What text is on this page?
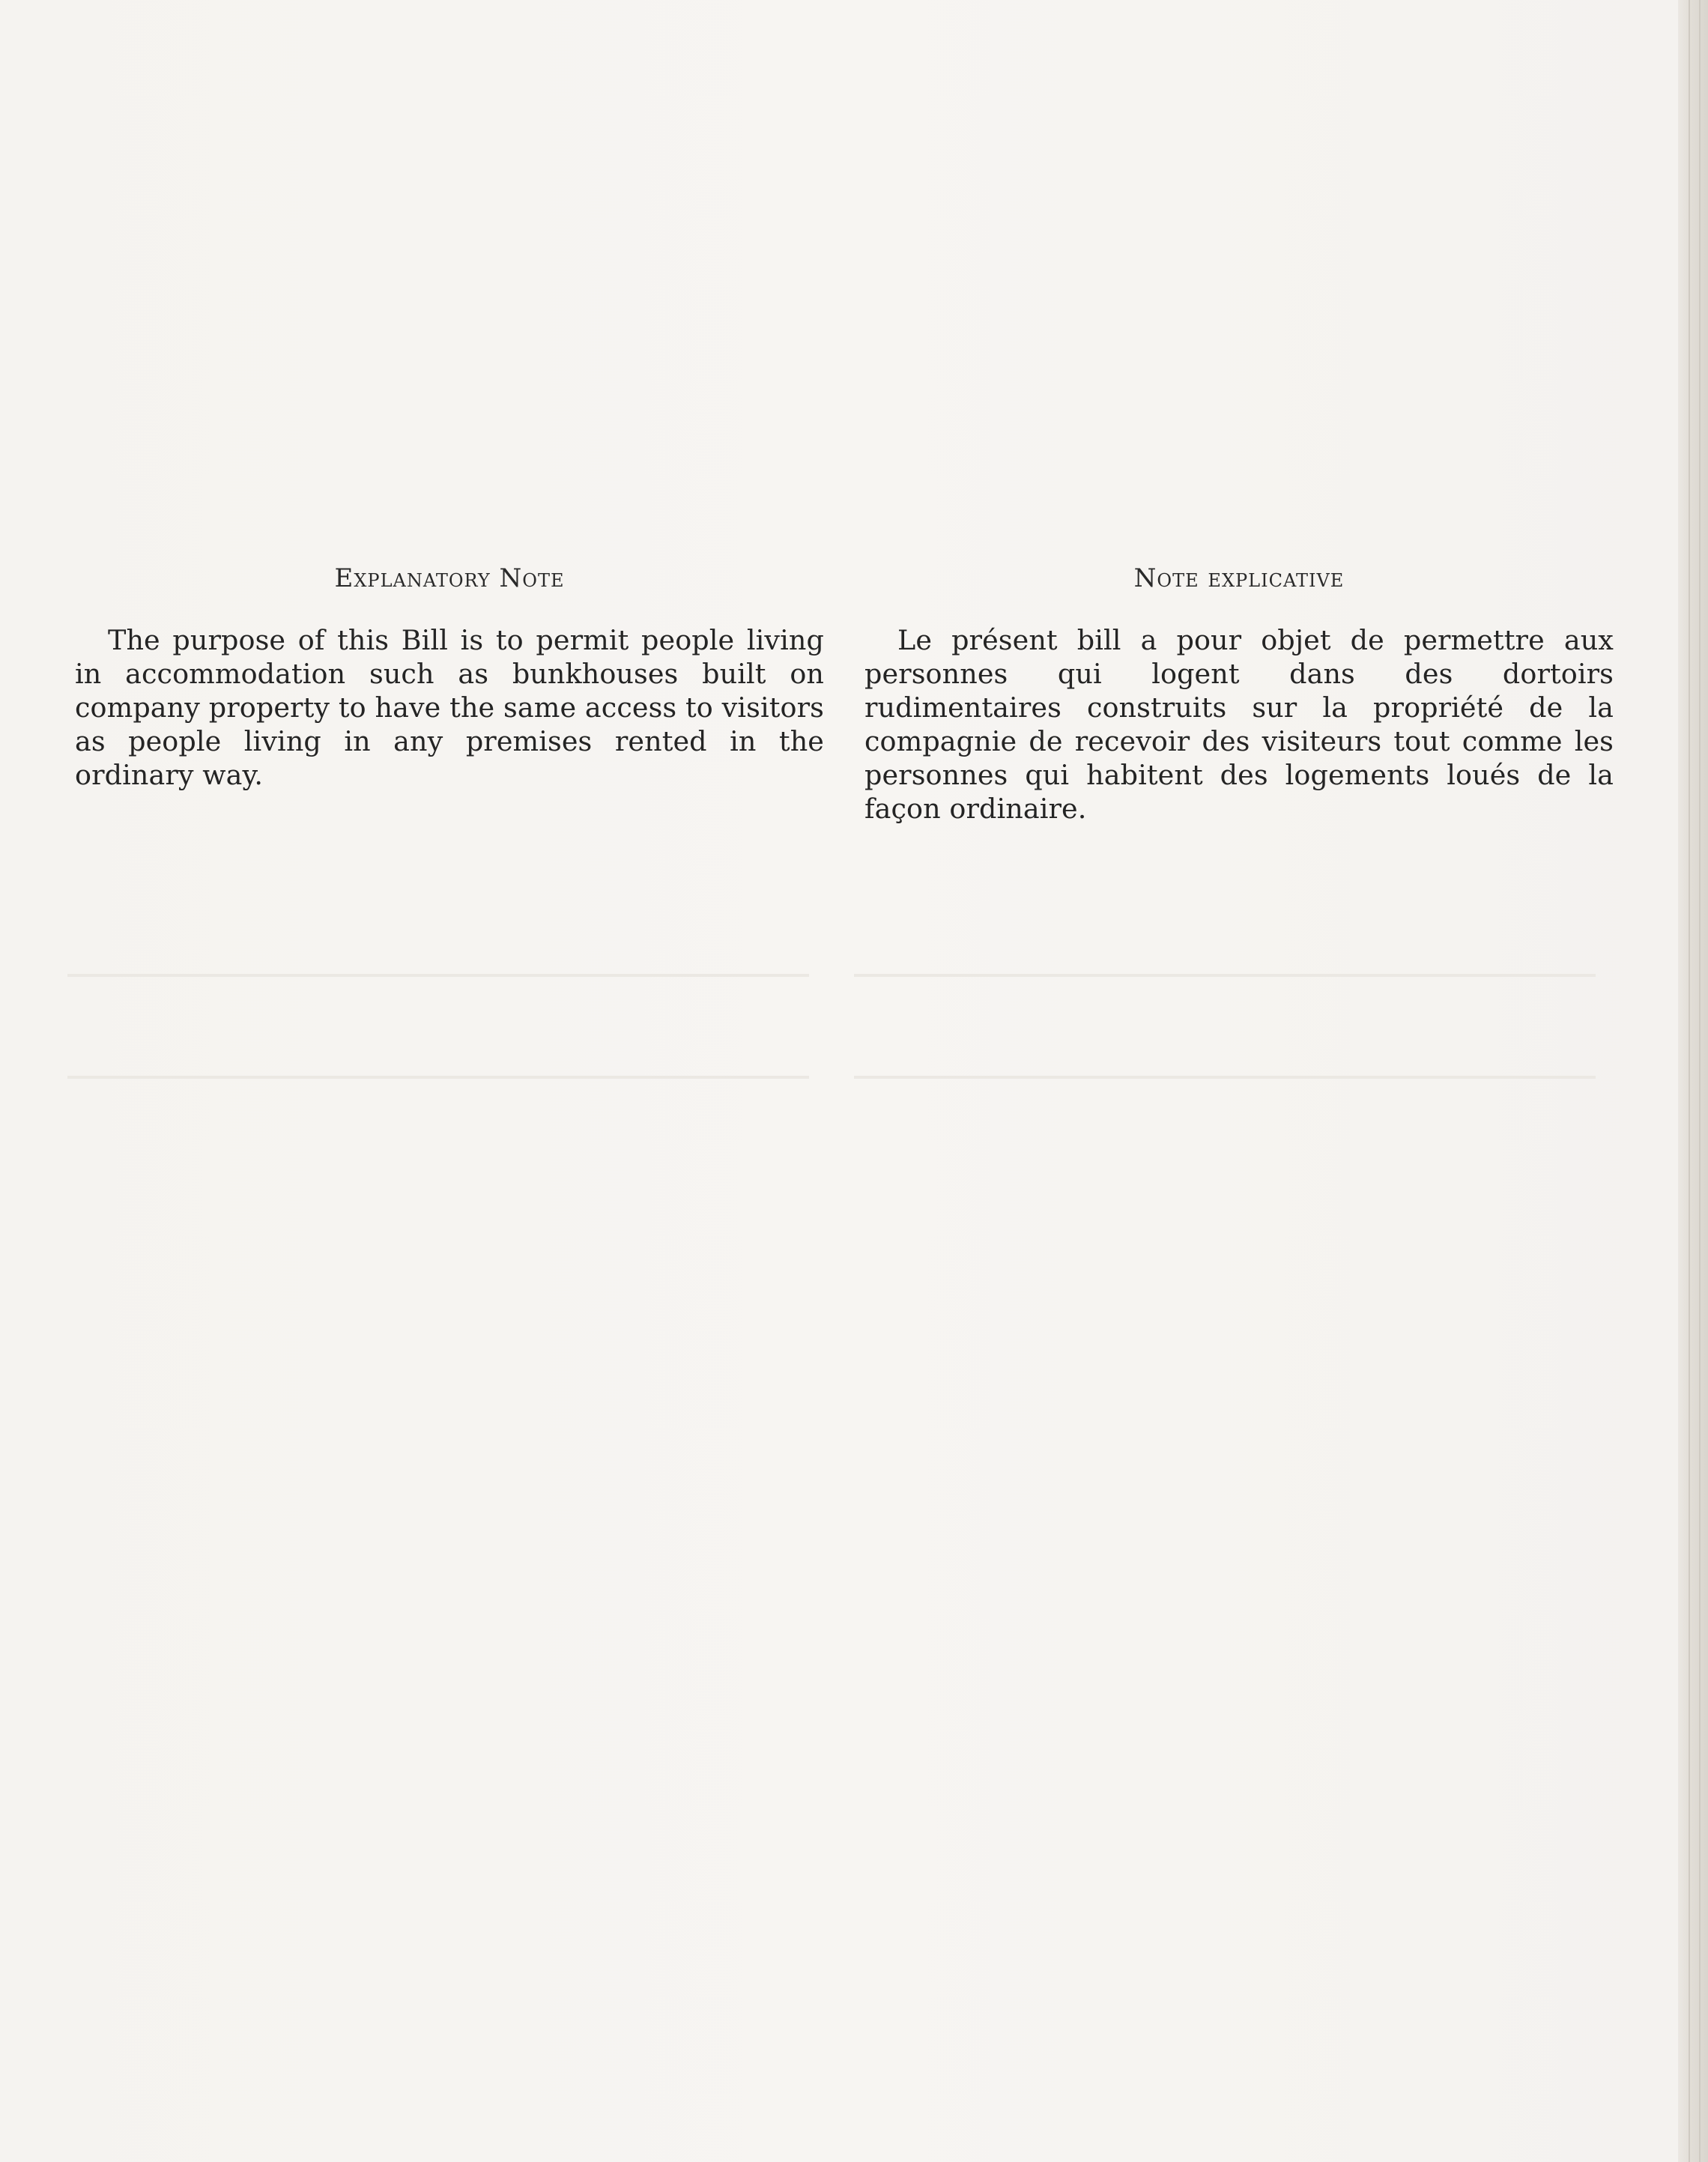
Explanatory Note

The purpose of this Bill is to permit people living in accommodation such as bunkhouses built on company property to have the same access to visitors as people living in any premises rented in the ordinary way.

Note explicative

Le présent bill a pour objet de permettre aux personnes qui logent dans des dortoirs rudimentaires construits sur la propriété de la compagnie de recevoir des visiteurs tout comme les personnes qui habitent des logements loués de la façon ordinaire.
